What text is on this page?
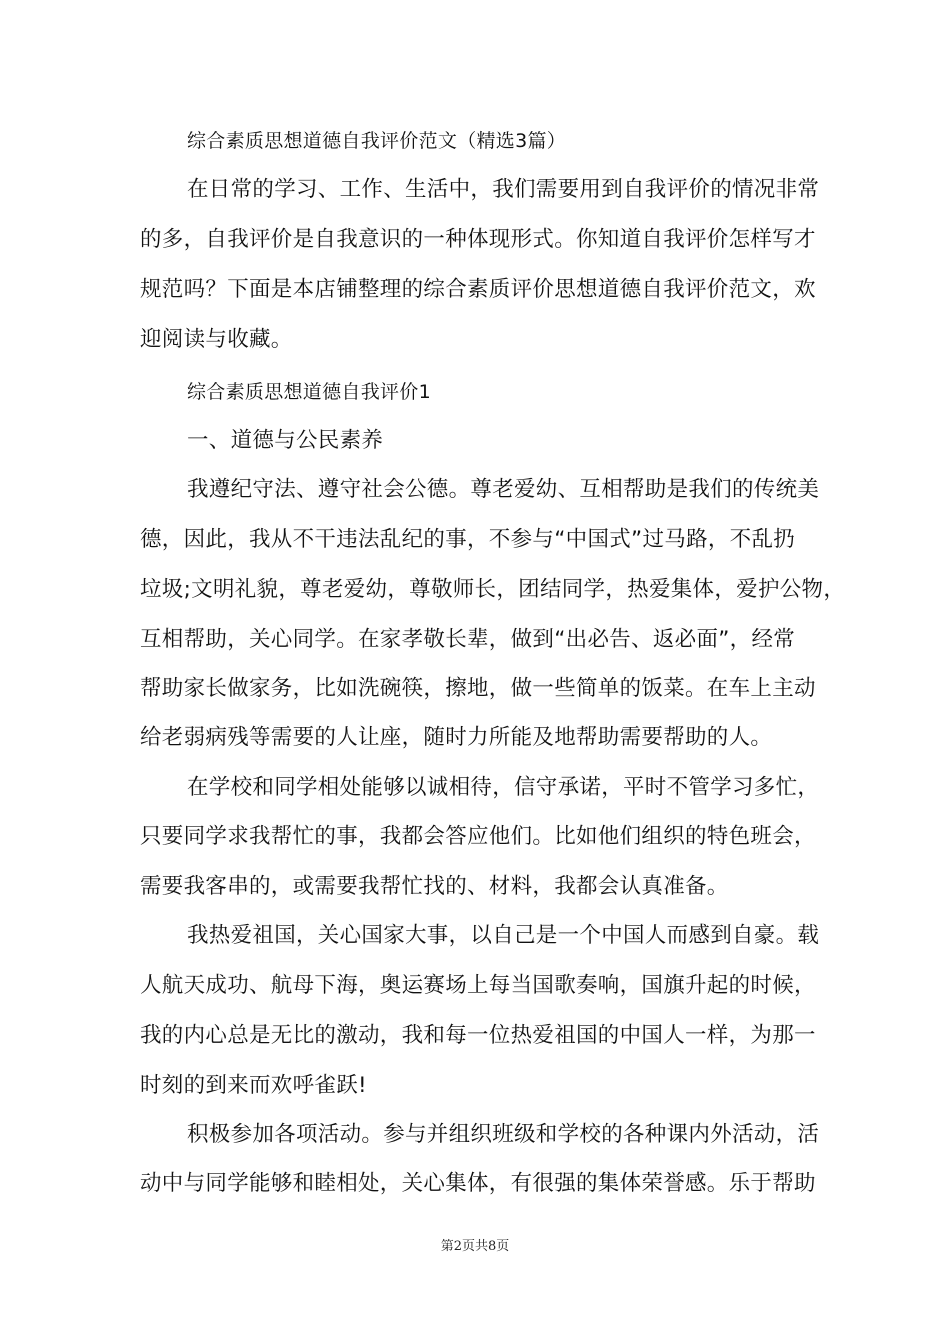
综合素质思想道德自我评价范文（精选3篇）
在日常的学习、工作、生活中，我们需要用到自我评价的情况非常
的多，自我评价是自我意识的一种体现形式。你知道自我评价怎样写才
规范吗？下面是本店铺整理的综合素质评价思想道德自我评价范文，欢
迎阅读与收藏。
综合素质思想道德自我评价1
一、道德与公民素养
我遵纪守法、遵守社会公德。尊老爱幼、互相帮助是我们的传统美
德，因此，我从不干违法乱纪的事，不参与“中国式”过马路，不乱扔
垃圾;文明礼貌，尊老爱幼，尊敬师长，团结同学，热爱集体，爱护公物，
互相帮助，关心同学。在家孝敬长辈，做到“出必告、返必面”，经常
帮助家长做家务，比如洗碗筷，擦地，做一些简单的饭菜。在车上主动
给老弱病残等需要的人让座，随时力所能及地帮助需要帮助的人。
在学校和同学相处能够以诚相待，信守承诺，平时不管学习多忙，
只要同学求我帮忙的事，我都会答应他们。比如他们组织的特色班会，
需要我客串的，或需要我帮忙找的、材料，我都会认真准备。
我热爱祖国，关心国家大事，以自己是一个中国人而感到自豪。载
人航天成功、航母下海，奥运赛场上每当国歌奏响，国旗升起的时候，
我的内心总是无比的激动，我和每一位热爱祖国的中国人一样，为那一
时刻的到来而欢呼雀跃!
积极参加各项活动。参与并组织班级和学校的各种课内外活动，活
动中与同学能够和睦相处，关心集体，有很强的集体荣誉感。乐于帮助
第2页共8页
